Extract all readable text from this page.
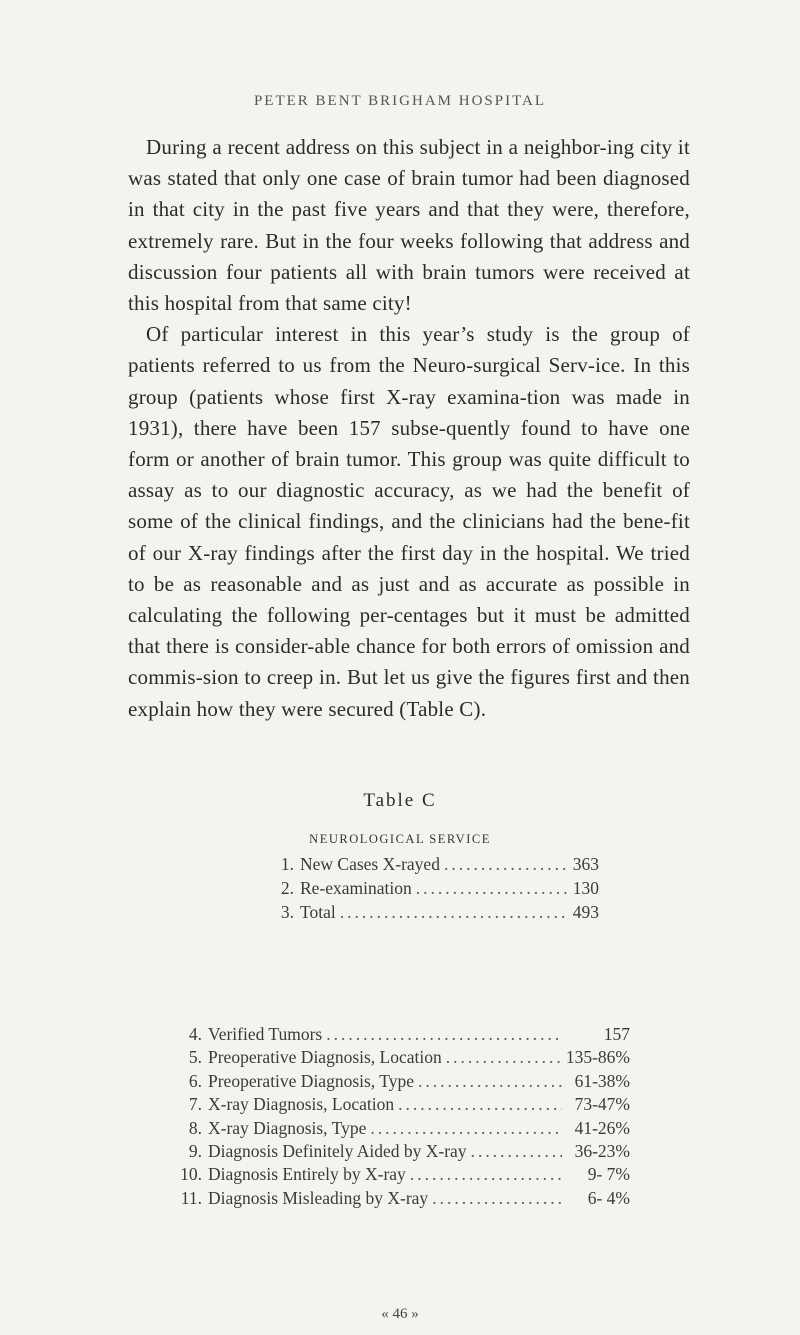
PETER BENT BRIGHAM HOSPITAL

During a recent address on this subject in a neighbor-ing city it was stated that only one case of brain tumor had been diagnosed in that city in the past five years and that they were, therefore, extremely rare. But in the four weeks following that address and discussion four patients all with brain tumors were received at this hospital from that same city!

Of particular interest in this year’s study is the group of patients referred to us from the Neuro-surgical Serv-ice. In this group (patients whose first X-ray examina-tion was made in 1931), there have been 157 subse-quently found to have one form or another of brain tumor. This group was quite difficult to assay as to our diagnostic accuracy, as we had the benefit of some of the clinical findings, and the clinicians had the bene-fit of our X-ray findings after the first day in the hospital. We tried to be as reasonable and as just and as accurate as possible in calculating the following per-centages but it must be admitted that there is consider-able chance for both errors of omission and commis-sion to creep in. But let us give the figures first and then explain how they were secured (Table C).

Table C
NEUROLOGICAL SERVICE
1. New Cases X-rayed .....	363
2. Re-examination .....	130
3. Total .....	493
4. Verified Tumors .....	157
5. Preoperative Diagnosis, Location .....	135-86%
6. Preoperative Diagnosis, Type .....	61-38%
7. X-ray Diagnosis, Location .....	73-47%
8. X-ray Diagnosis, Type .....	41-26%
9. Diagnosis Definitely Aided by X-ray .....	36-23%
10. Diagnosis Entirely by X-ray .....	9- 7%
11. Diagnosis Misleading by X-ray .....	6- 4%
« 46 »
